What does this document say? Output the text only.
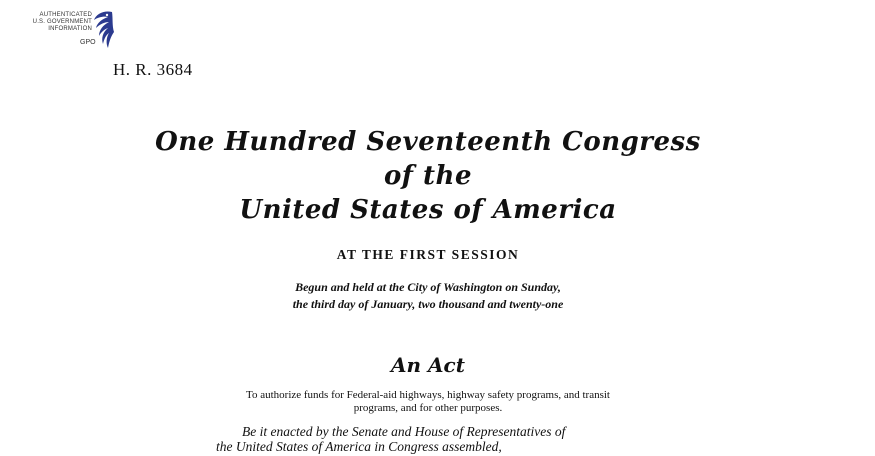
AUTHENTICATED
U.S. GOVERNMENT
INFORMATION
GPO
H. R. 3684
One Hundred Seventeenth Congress
of the
United States of America
AT THE FIRST SESSION
Begun and held at the City of Washington on Sunday,
the third day of January, two thousand and twenty-one
An Act
To authorize funds for Federal-aid highways, highway safety programs, and transit
programs, and for other purposes.
Be it enacted by the Senate and House of Representatives of
the United States of America in Congress assembled,
